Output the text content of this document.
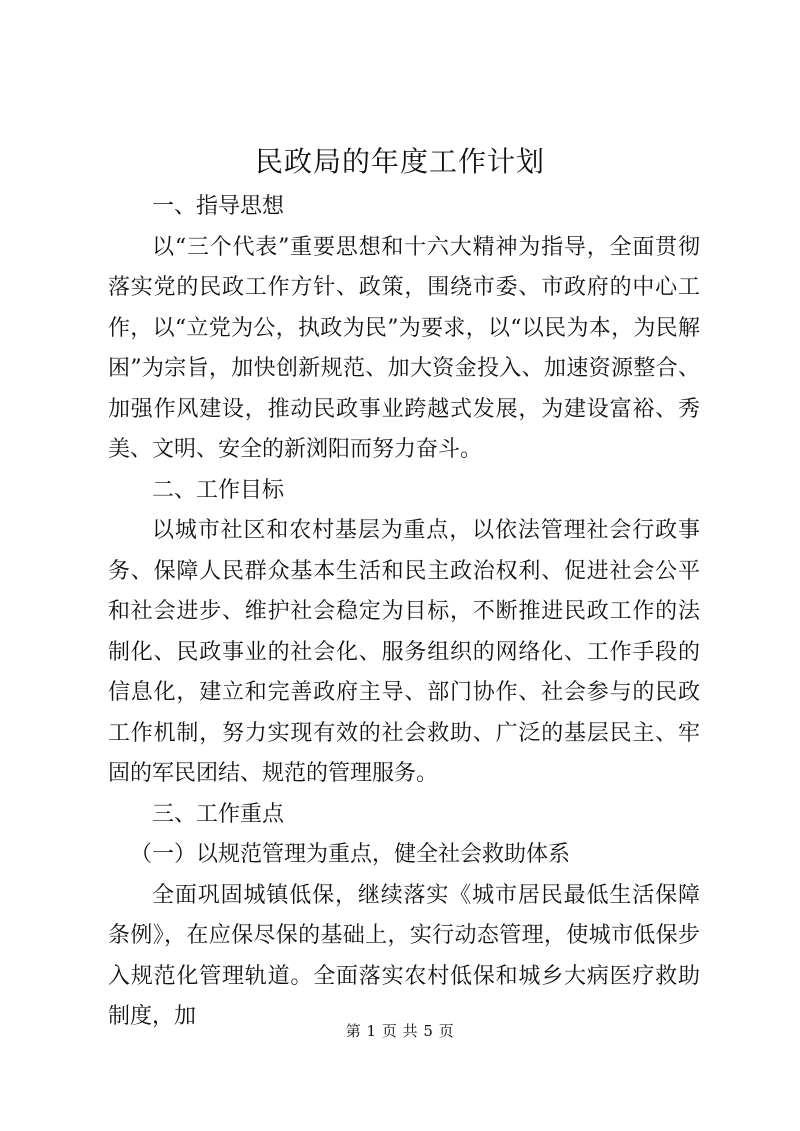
民政局的年度工作计划

一、指导思想

以“三个代表”重要思想和十六大精神为指导，全面贯彻落实党的民政工作方针、政策，围绕市委、市政府的中心工作，以“立党为公，执政为民”为要求，以“以民为本，为民解困”为宗旨，加快创新规范、加大资金投入、加速资源整合、加强作风建设，推动民政事业跨越式发展，为建设富裕、秀美、文明、安全的新浏阳而努力奋斗。

二、工作目标

以城市社区和农村基层为重点，以依法管理社会行政事务、保障人民群众基本生活和民主政治权利、促进社会公平和社会进步、维护社会稳定为目标，不断推进民政工作的法制化、民政事业的社会化、服务组织的网络化、工作手段的信息化，建立和完善政府主导、部门协作、社会参与的民政工作机制，努力实现有效的社会救助、广泛的基层民主、牢固的军民团结、规范的管理服务。

三、工作重点

（一）以规范管理为重点，健全社会救助体系

全面巩固城镇低保，继续落实《城市居民最低生活保障条例》，在应保尽保的基础上，实行动态管理，使城市低保步入规范化管理轨道。全面落实农村低保和城乡大病医疗救助制度，加

第 1 页 共 5 页
